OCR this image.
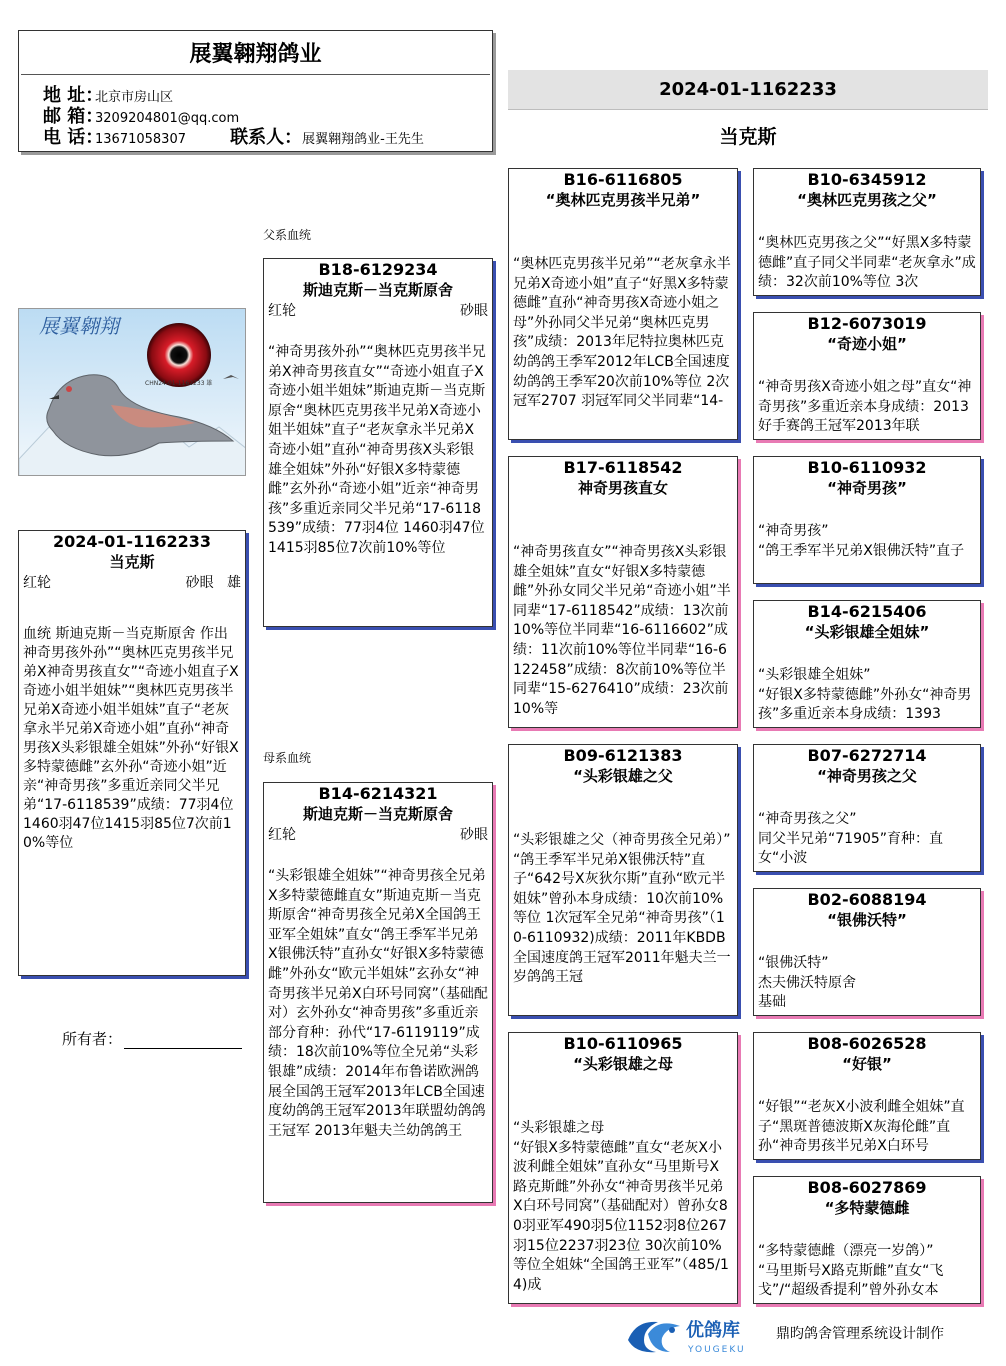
展翼翱翔鸽业
地 址：北京市房山区
邮 箱：3209204801@qq.com
电 话：13671058307 联系人：展翼翱翔鸽业-王先生
2024-01-1162233
当克斯
展翼翱翔
CHN24-01-1162233 雄
2024-01-1162233
当克斯
红轮	砂眼 雄
血统 斯迪克斯－当克斯原舍 作出
神奇男孩外孙”“奥林匹克男孩半兄弟X神奇男孩直女”“奇迹小姐直子X奇迹小姐半姐妹”“奥林匹克男孩半兄弟X奇迹小姐半姐妹”直子“老灰拿永半兄弟X奇迹小姐”直孙“神奇男孩X头彩银雄全姐妹”外孙“好银X多特蒙德雌”玄外孙“奇迹小姐”近亲“神奇男孩”多重近亲同父半兄弟“17-6118539”成绩：77羽4位 1460羽47位1415羽85位7次前10%等位
所有者：
父系血统
母系血统
B18-6129234
斯迪克斯－当克斯原舍
红轮	砂眼
“神奇男孩外孙”“奥林匹克男孩半兄弟X神奇男孩直女”“奇迹小姐直子X奇迹小姐半姐妹”斯迪克斯－当克斯原舍“奥林匹克男孩半兄弟X奇迹小姐半姐妹”直子“老灰拿永半兄弟X奇迹小姐”直孙“神奇男孩X头彩银雄全姐妹”外孙“好银X多特蒙德雌”玄外孙“奇迹小姐”近亲“神奇男孩”多重近亲同父半兄弟“17-6118539”成绩：77羽4位 1460羽47位1415羽85位7次前10%等位
B14-6214321
斯迪克斯－当克斯原舍
红轮	砂眼
“头彩银雄全姐妹”“神奇男孩全兄弟X多特蒙德雌直女”斯迪克斯－当克斯原舍“神奇男孩全兄弟X全国鸽王亚军全姐妹”直女“鸽王季军半兄弟X银佛沃特”直孙女“好银X多特蒙德雌”外孙女“欧元半姐妹”玄孙女“神奇男孩半兄弟X白环号同窝”（基础配对）玄外孙女“神奇男孩”多重近亲部分育种：孙代“17-6119119”成绩：18次前10%等位全兄弟“头彩银雄”成绩：2014年布鲁诺欧洲鸽展全国鸽王冠军2013年LCB全国速度幼鸽鸽王冠军2013年联盟幼鸽鸽王冠军 2013年魁夫兰幼鸽鸽王
B16-6116805
“奥林匹克男孩半兄弟”
“奥林匹克男孩半兄弟”“老灰拿永半兄弟X奇迹小姐”直子“好黑X多特蒙德雌”直孙“神奇男孩X奇迹小姐之母”外孙同父半兄弟“奥林匹克男孩”成绩：2013年尼特拉奥林匹克幼鸽鸽王季军2012年LCB全国速度幼鸽鸽王季军20次前10%等位 2次冠军2707 羽冠军同父半同辈“14-
B17-6118542
神奇男孩直女
“神奇男孩直女”“神奇男孩X头彩银雄全姐妹”直女“好银X多特蒙德雌”外孙女同父半兄弟“奇迹小姐”半同辈“17-6118542”成绩：13次前10%等位半同辈“16-6116602”成绩：11次前10%等位半同辈“16-6122458”成绩：8次前10%等位半同辈“15-6276410”成绩：23次前10%等
B09-6121383
“头彩银雄之父
“头彩银雄之父（神奇男孩全兄弟）”
“鸽王季军半兄弟X银佛沃特”直子“642号X灰狄尔斯”直孙“欧元半姐妹”曾孙本身成绩：10次前10%等位 1次冠军全兄弟“神奇男孩”（10-6110932)成绩：2011年KBDB全国速度鸽王冠军2011年魁夫兰一岁鸽鸽王冠
B10-6110965
“头彩银雄之母
“头彩银雄之母
“好银X多特蒙德雌”直女“老灰X小波利雌全姐妹”直孙女“马里斯号X路克斯雌”外孙女“神奇男孩半兄弟X白环号同窝”（基础配对）曾孙女80羽亚军490羽5位1152羽8位267羽15位2237羽23位 30次前10%等位全姐妹“全国鸽王亚军”（485/14)成
B10-6345912
“奥林匹克男孩之父”
“奥林匹克男孩之父”“好黑X多特蒙德雌”直子同父半同辈“老灰拿永”成绩：32次前10%等位 3次
B12-6073019
“奇迹小姐”
“神奇男孩X奇迹小姐之母”直女“神奇男孩”多重近亲本身成绩：2013好手赛鸽王冠军2013年联
B10-6110932
“神奇男孩”
“神奇男孩”
“鸽王季军半兄弟X银佛沃特”直子
B14-6215406
“头彩银雄全姐妹”
“头彩银雄全姐妹”
“好银X多特蒙德雌”外孙女“神奇男孩”多重近亲本身成绩：1393
B07-6272714
“神奇男孩之父
“神奇男孩之父”
同父半兄弟“71905”育种：直女“小波
B02-6088194
“银佛沃特”
“银佛沃特”
杰夫佛沃特原舍
基础
B08-6026528
“好银”
“好银”“老灰X小波利雌全姐妹”直子“黑斑普德波斯X灰海伦雌”直孙“神奇男孩半兄弟X白环号
B08-6027869
“多特蒙德雌
“多特蒙德雌（漂亮一岁鸽）”
“马里斯号X路克斯雌”直女“飞戈”/“超级香提利”曾外孙女本
优鸽库
YOUGEKU
鼎昀鸽舍管理系统设计制作
